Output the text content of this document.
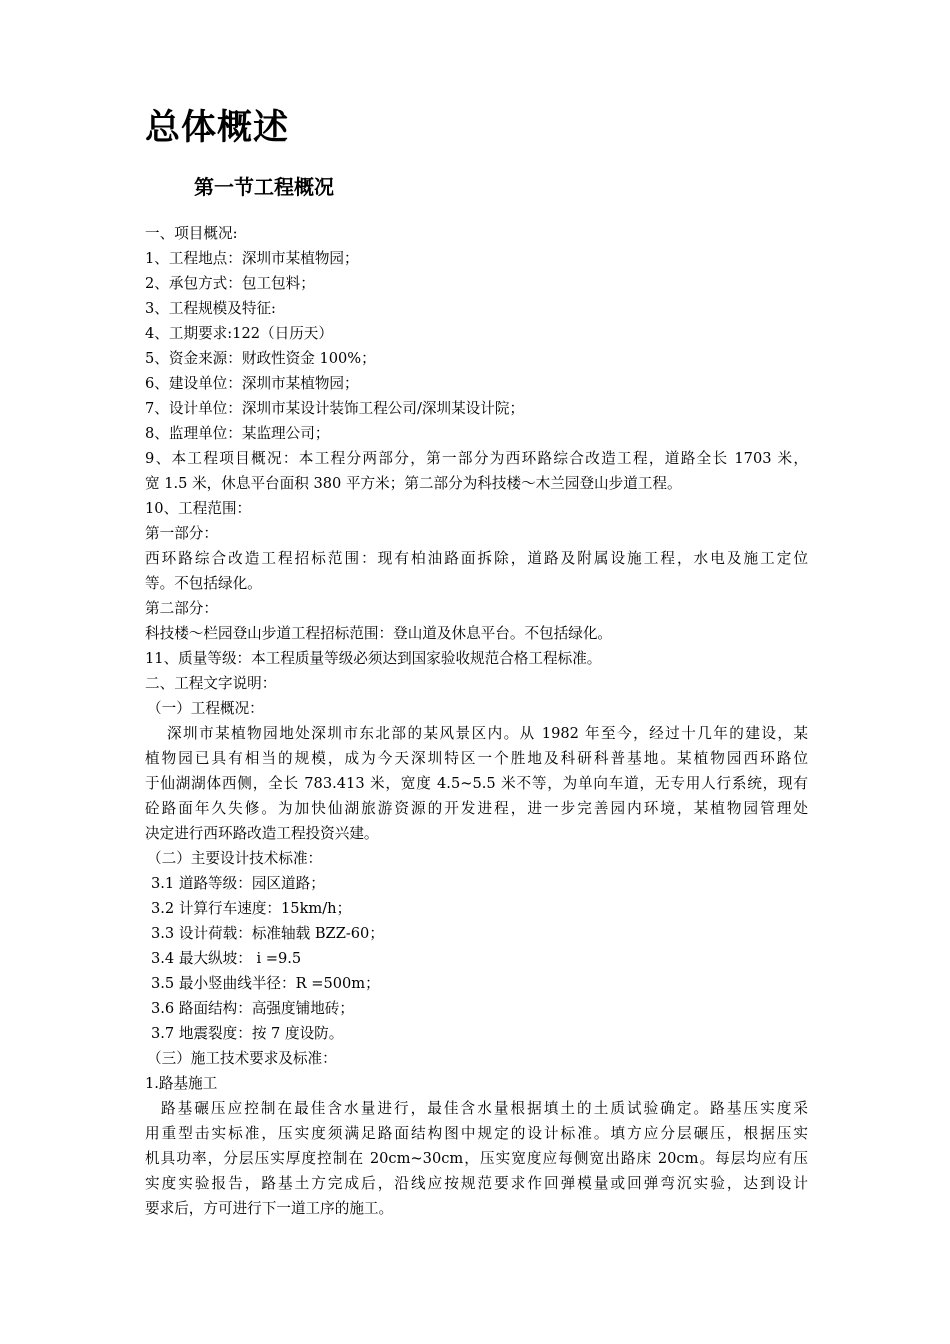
总体概述
第一节工程概况
一、项目概况:
1、工程地点：深圳市某植物园；
2、承包方式：包工包料；
3、工程规模及特征:
4、工期要求:122（日历天）
5、资金来源：财政性资金 100%；
6、建设单位：深圳市某植物园；
7、设计单位：深圳市某设计装饰工程公司/深圳某设计院；
8、监理单位：某监理公司；
9、本工程项目概况：本工程分两部分，第一部分为西环路综合改造工程，道路全长 1703 米，
宽 1.5 米，休息平台面积 380 平方米；第二部分为科技楼～木兰园登山步道工程。
10、工程范围：
第一部分：
西环路综合改造工程招标范围：现有柏油路面拆除，道路及附属设施工程，水电及施工定位
等。不包括绿化。
第二部分：
科技楼～栏园登山步道工程招标范围：登山道及休息平台。不包括绿化。
11、质量等级：本工程质量等级必须达到国家验收规范合格工程标准。
二、工程文字说明：
（一）工程概况：
深圳市某植物园地处深圳市东北部的某风景区内。从 1982 年至今，经过十几年的建设，某
植物园已具有相当的规模，成为今天深圳特区一个胜地及科研科普基地。某植物园西环路位
于仙湖湖体西侧，全长 783.413 米，宽度 4.5~5.5 米不等，为单向车道，无专用人行系统，现有
砼路面年久失修。为加快仙湖旅游资源的开发进程，进一步完善园内环境，某植物园管理处
决定进行西环路改造工程投资兴建。
（二）主要设计技术标准：
3.1 道路等级：园区道路；
3.2 计算行车速度：15km/h；
3.3 设计荷载：标准轴载 BZZ-60；
3.4 最大纵坡： i =9.5
3.5 最小竖曲线半径：R =500m；
3.6 路面结构：高强度铺地砖；
3.7 地震裂度：按 7 度设防。
（三）施工技术要求及标准：
1.路基施工
路基碾压应控制在最佳含水量进行，最佳含水量根据填土的土质试验确定。路基压实度采
用重型击实标准，压实度须满足路面结构图中规定的设计标准。填方应分层碾压，根据压实
机具功率，分层压实厚度控制在 20cm~30cm，压实宽度应每侧宽出路床 20cm。每层均应有压
实度实验报告，路基土方完成后，沿线应按规范要求作回弹模量或回弹弯沉实验，达到设计
要求后，方可进行下一道工序的施工。
